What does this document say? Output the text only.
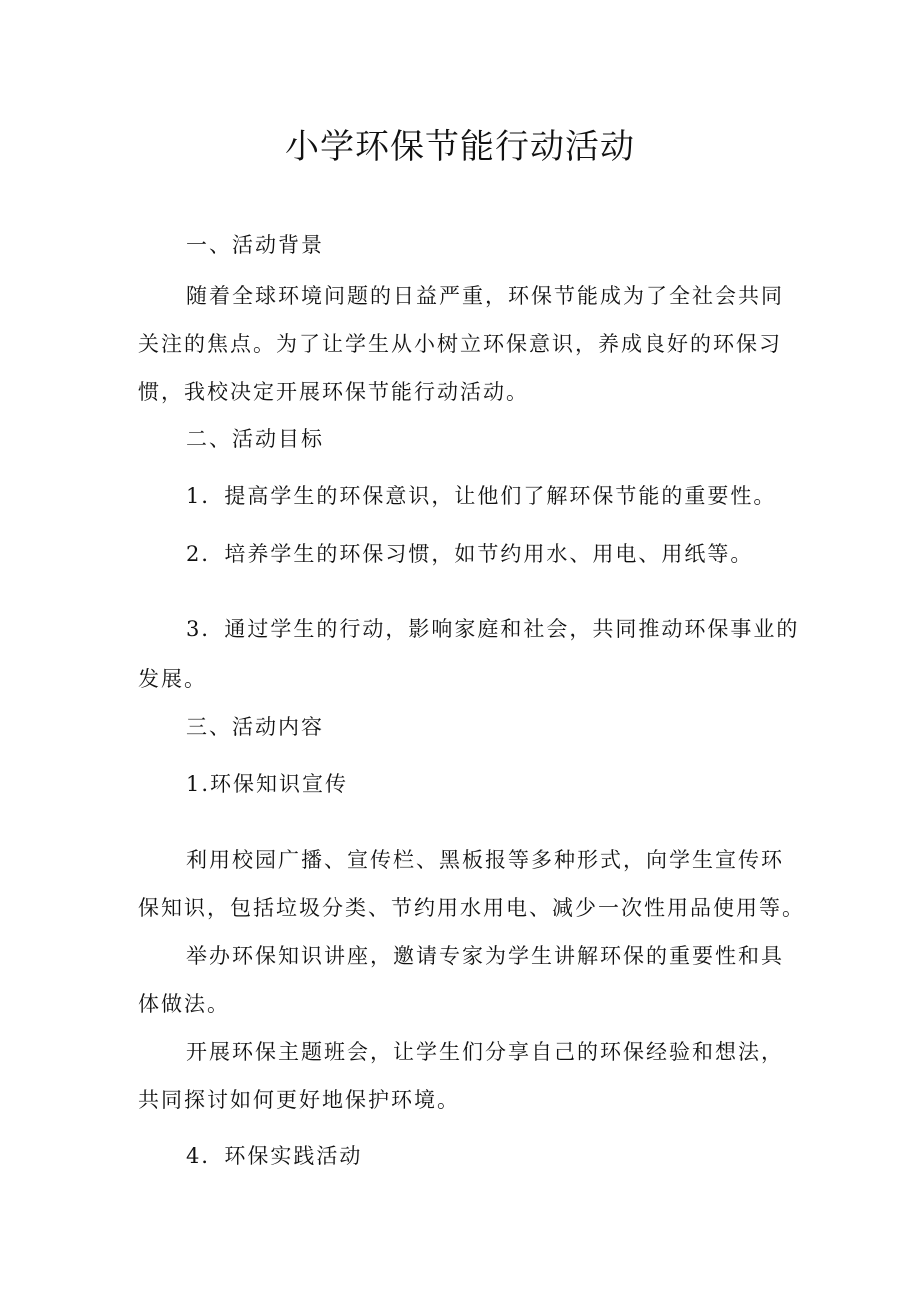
小学环保节能行动活动
一、活动背景
随着全球环境问题的日益严重，环保节能成为了全社会共同
关注的焦点。为了让学生从小树立环保意识，养成良好的环保习
惯，我校决定开展环保节能行动活动。
二、活动目标
1．提高学生的环保意识，让他们了解环保节能的重要性。
2．培养学生的环保习惯，如节约用水、用电、用纸等。
3．通过学生的行动，影响家庭和社会，共同推动环保事业的
发展。
三、活动内容
1.环保知识宣传
利用校园广播、宣传栏、黑板报等多种形式，向学生宣传环
保知识，包括垃圾分类、节约用水用电、减少一次性用品使用等。
举办环保知识讲座，邀请专家为学生讲解环保的重要性和具
体做法。
开展环保主题班会，让学生们分享自己的环保经验和想法，
共同探讨如何更好地保护环境。
4．环保实践活动
